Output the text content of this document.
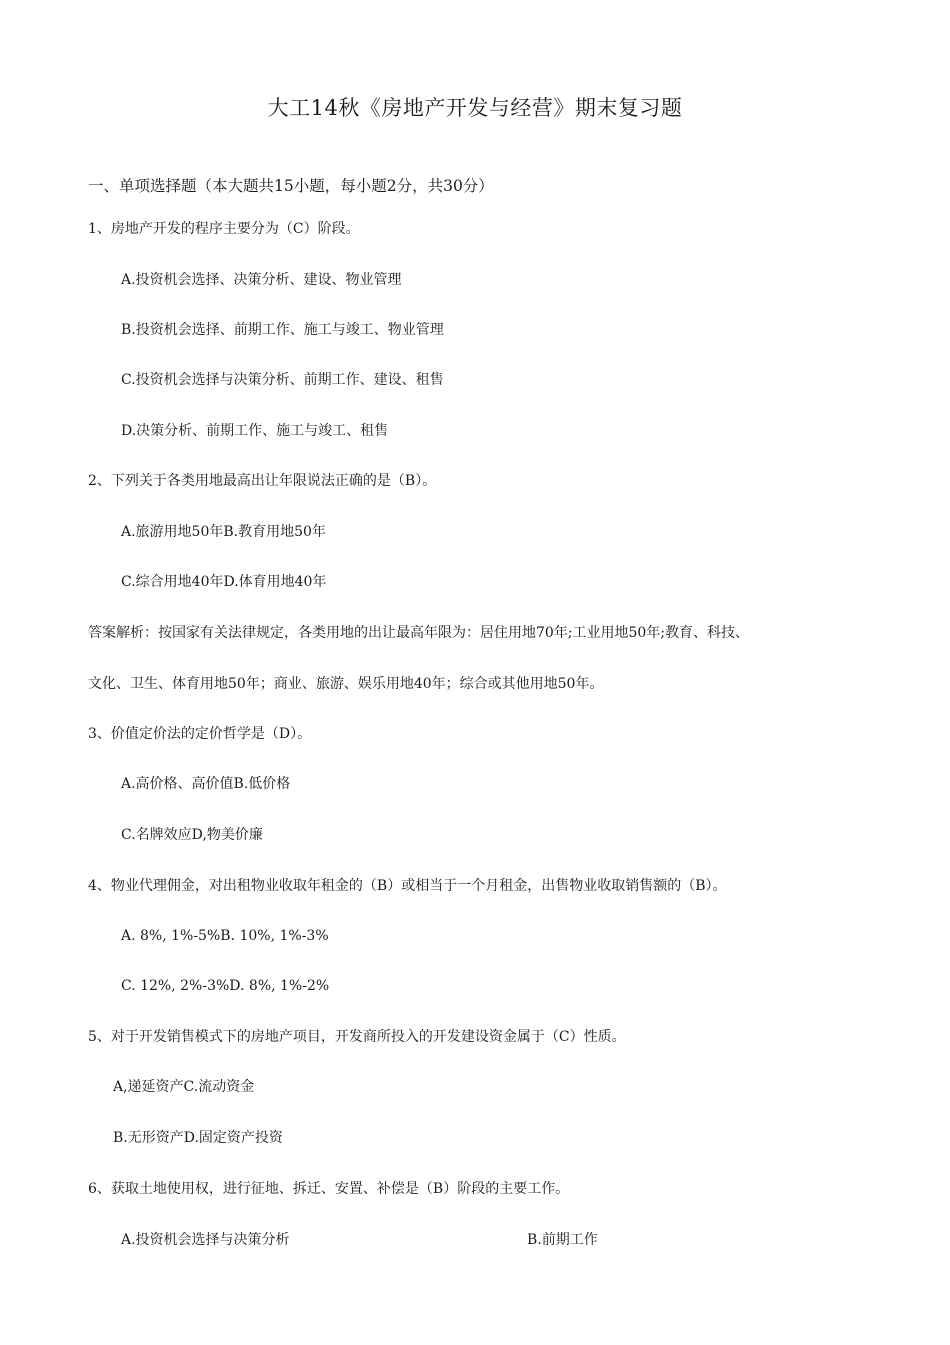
大工14秋《房地产开发与经营》期末复习题
一、单项选择题（本大题共15小题，每小题2分，共30分）
1、房地产开发的程序主要分为（C）阶段。
A.投资机会选择、决策分析、建设、物业管理
B.投资机会选择、前期工作、施工与竣工、物业管理
C.投资机会选择与决策分析、前期工作、建设、租售
D.决策分析、前期工作、施工与竣工、租售
2、下列关于各类用地最高出让年限说法正确的是（B）。
A.旅游用地50年B.教育用地50年
C.综合用地40年D.体育用地40年
答案解析：按国家有关法律规定，各类用地的出让最高年限为：居住用地70年;工业用地50年;教育、科技、
文化、卫生、体育用地50年；商业、旅游、娱乐用地40年；综合或其他用地50年。
3、价值定价法的定价哲学是（D）。
A.高价格、高价值B.低价格
C.名牌效应D,物美价廉
4、物业代理佣金，对出租物业收取年租金的（B）或相当于一个月租金，出售物业收取销售额的（B）。
A. 8%, 1%-5%B. 10%, 1%-3%
C. 12%, 2%-3%D. 8%, 1%-2%
5、对于开发销售模式下的房地产项目，开发商所投入的开发建设资金属于（C）性质。
A,递延资产C.流动资金
B.无形资产D.固定资产投资
6、获取土地使用权，进行征地、拆迁、安置、补偿是（B）阶段的主要工作。
A.投资机会选择与决策分析	B.前期工作
